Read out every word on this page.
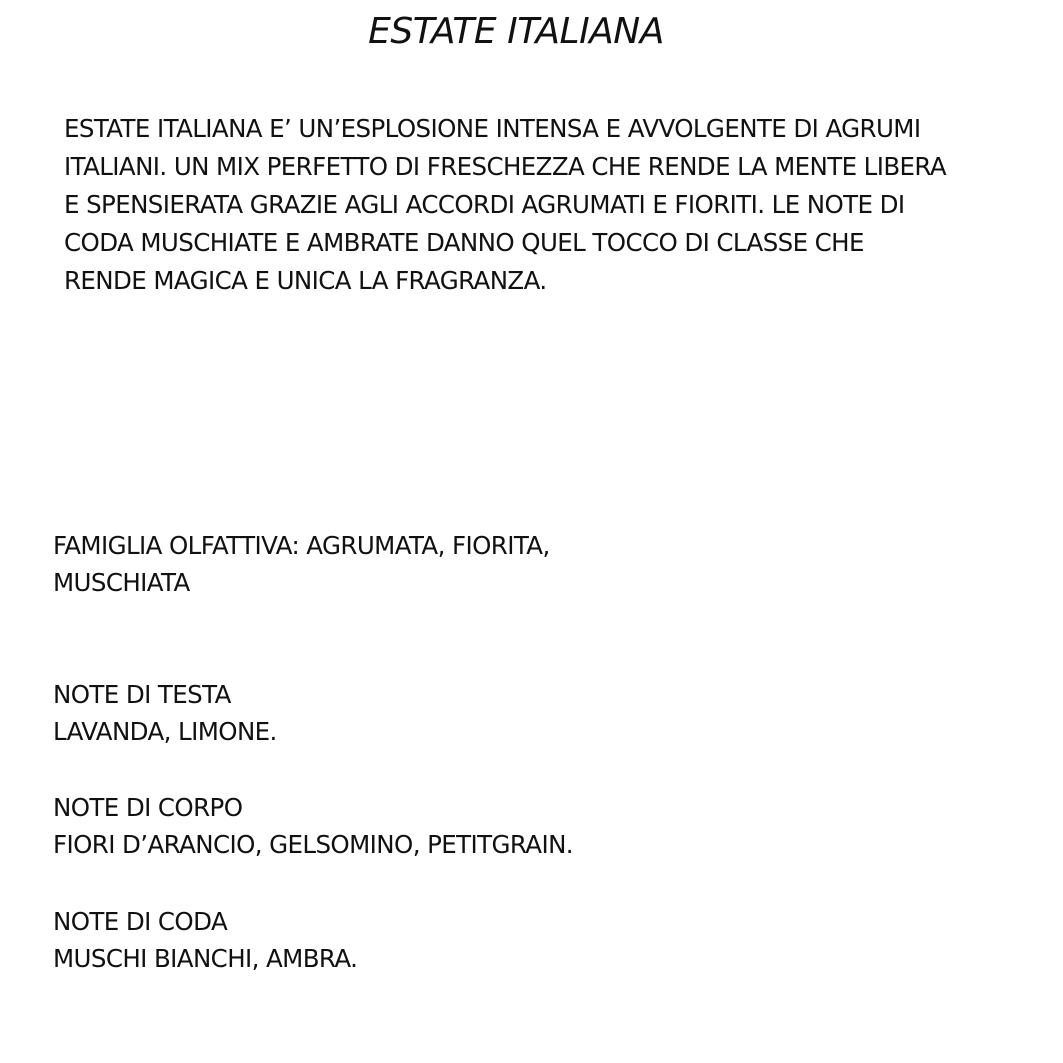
ESTATE ITALIANA

ESTATE ITALIANA E’ UN’ESPLOSIONE INTENSA E AVVOLGENTE DI AGRUMI
ITALIANI. UN MIX PERFETTO DI FRESCHEZZA CHE RENDE LA MENTE LIBERA
E SPENSIERATA GRAZIE AGLI ACCORDI AGRUMATI E FIORITI. LE NOTE DI
CODA MUSCHIATE E AMBRATE DANNO QUEL TOCCO DI CLASSE CHE
RENDE MAGICA E UNICA LA FRAGRANZA.

FAMIGLIA OLFATTIVA: AGRUMATA, FIORITA,
MUSCHIATA

NOTE DI TESTA
LAVANDA, LIMONE.

NOTE DI CORPO
FIORI D’ARANCIO, GELSOMINO, PETITGRAIN.

NOTE DI CODA
MUSCHI BIANCHI, AMBRA.
